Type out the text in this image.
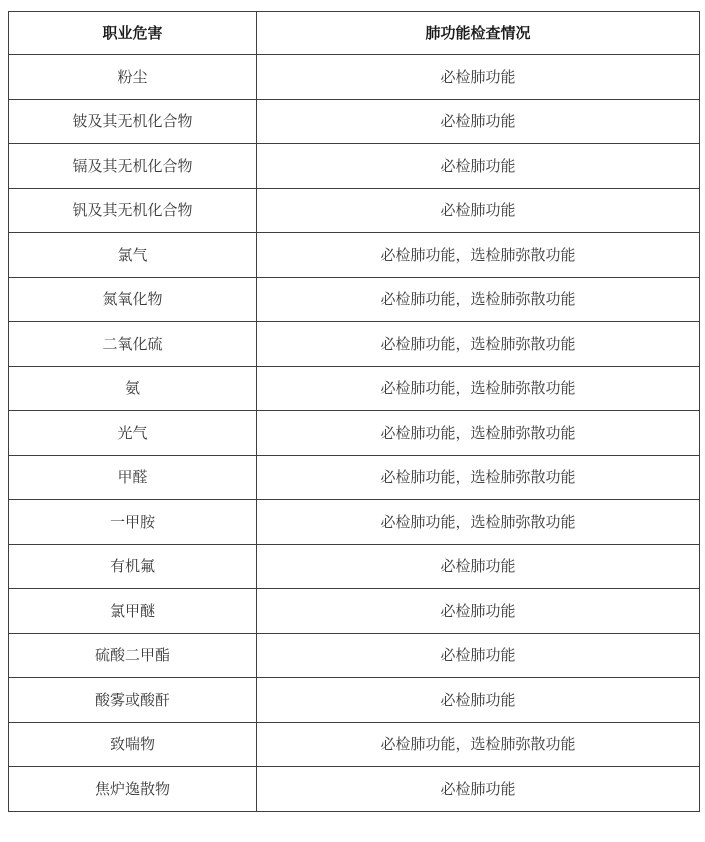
职业危害	肺功能检查情况
粉尘	必检肺功能
铍及其无机化合物	必检肺功能
镉及其无机化合物	必检肺功能
钒及其无机化合物	必检肺功能
氯气	必检肺功能，选检肺弥散功能
氮氧化物	必检肺功能，选检肺弥散功能
二氧化硫	必检肺功能，选检肺弥散功能
氨	必检肺功能，选检肺弥散功能
光气	必检肺功能，选检肺弥散功能
甲醛	必检肺功能，选检肺弥散功能
一甲胺	必检肺功能，选检肺弥散功能
有机氟	必检肺功能
氯甲醚	必检肺功能
硫酸二甲酯	必检肺功能
酸雾或酸酐	必检肺功能
致喘物	必检肺功能，选检肺弥散功能
焦炉逸散物	必检肺功能
